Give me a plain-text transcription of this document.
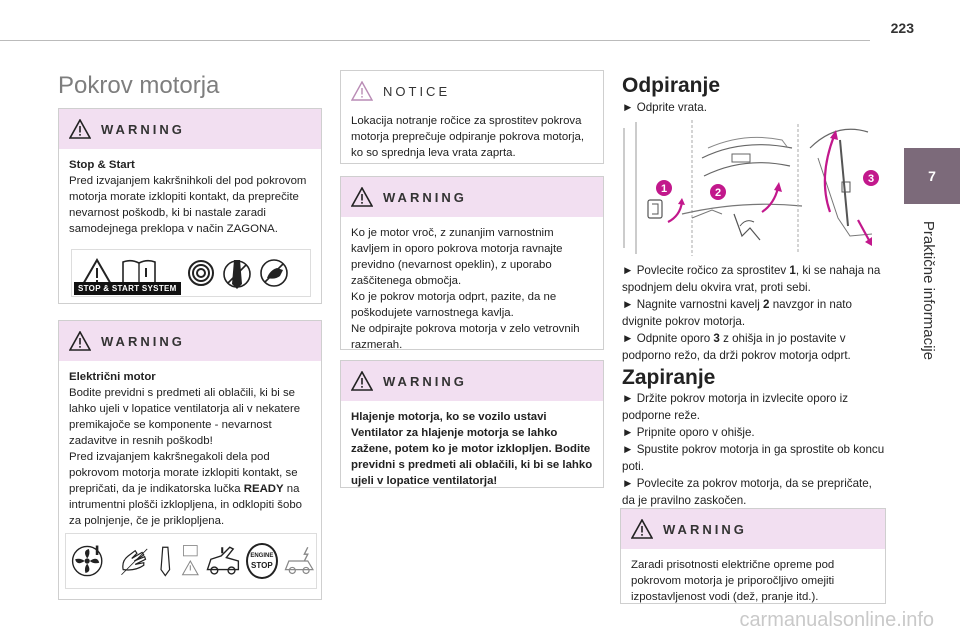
223
7
Praktične informacije
Pokrov motorja
WARNING

Stop & Start

Pred izvajanjem kakršnihkoli del pod pokrovom motorja morate izklopiti kontakt, da preprečite nevarnost poškodb, ki bi nastale zaradi samodejnega preklopa v način ZAGONA.

STOP & START SYSTEM
WARNING

Električni motor

Bodite previdni s predmeti ali oblačili, ki bi se lahko ujeli v lopatice ventilatorja ali v nekatere premikajoče se komponente - nevarnost zadavitve in resnih poškodb!

Pred izvajanjem kakršnegakoli dela pod pokrovom motorja morate izklopiti kontakt, se prepričati, da je indikatorska lučka READY na intrumentni plošči izklopljena, in odklopiti šobo za polnjenje, če je priklopljena.

ENGINE
STOP
NOTICE

Lokacija notranje ročice za sprostitev pokrova motorja preprečuje odpiranje pokrova motorja, ko so sprednja leva vrata zaprta.

WARNING

Ko je motor vroč, z zunanjim varnostnim kavljem in oporo pokrova motorja ravnajte previdno (nevarnost opeklin), z uporabo zaščitenega območja.

Ko je pokrov motorja odprt, pazite, da ne poškodujete varnostnega kavlja.

Ne odpirajte pokrova motorja v zelo vetrovnih razmerah.

WARNING

Hlajenje motorja, ko se vozilo ustavi Ventilator za hlajenje motorja se lahko zažene, potem ko je motor izklopljen. Bodite previdni s predmeti ali oblačili, ki bi se lahko ujeli v lopatice ventilatorja!

Odpiranje
► Odprite vrata.
1	2
3

► Povlecite ročico za sprostitev 1, ki se nahaja na spodnjem delu okvira vrat, proti sebi.

► Nagnite varnostni kavelj 2 navzgor in nato dvignite pokrov motorja.

► Odpnite oporo 3 z ohišja in jo postavite v podporno režo, da drži pokrov motorja odprt.

Zapiranje

► Držite pokrov motorja in izvlecite oporo iz podporne reže.

► Pripnite oporo v ohišje.

► Spustite pokrov motorja in ga sprostite ob koncu poti.

► Povlecite za pokrov motorja, da se prepričate, da je pravilno zaskočen.

WARNING

Zaradi prisotnosti električne opreme pod pokrovom motorja je priporočljivo omejiti izpostavljenost vodi (dež, pranje itd.).

carmanualsonline.info
